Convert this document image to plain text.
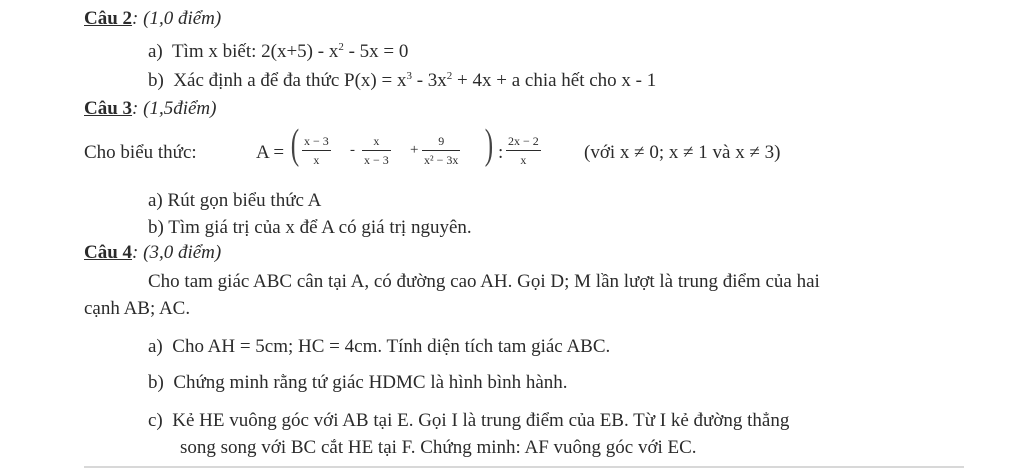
Câu 2: (1,0 điểm)
a) Tìm x biết: $2(x+5) - x^2 - 5x = 0$
b) Xác định a để đa thức $P(x) = x^3 - 3x^2 + 4x + a$ chia hết cho x - 1
Câu 3: (1,5điểm)
Cho biểu thức:	A = ( $\frac{x - 3}{x} - \frac{x}{x - 3} + \frac{9}{\text{x² − 3x}}$ ) : $\frac{2x - 2}{x}$ (với x ≠ 0; x ≠ 1 và x ≠ 3)
a) Rút gọn biểu thức A
b) Tìm giá trị của x để A có giá trị nguyên.
Câu 4: (3,0 điểm)
Cho tam giác ABC cân tại A, có đường cao AH. Gọi D; M lần lượt là trung điểm của hai
cạnh AB; AC.
a) Cho AH = 5cm; HC = 4cm. Tính diện tích tam giác ABC.
b) Chứng minh rằng tứ giác HDMC là hình bình hành.
c) Kẻ HE vuông góc với AB tại E. Gọi I là trung điểm của EB. Từ I kẻ đường thẳng
song song với BC cắt HE tại F. Chứng minh: AF vuông góc với EC.
